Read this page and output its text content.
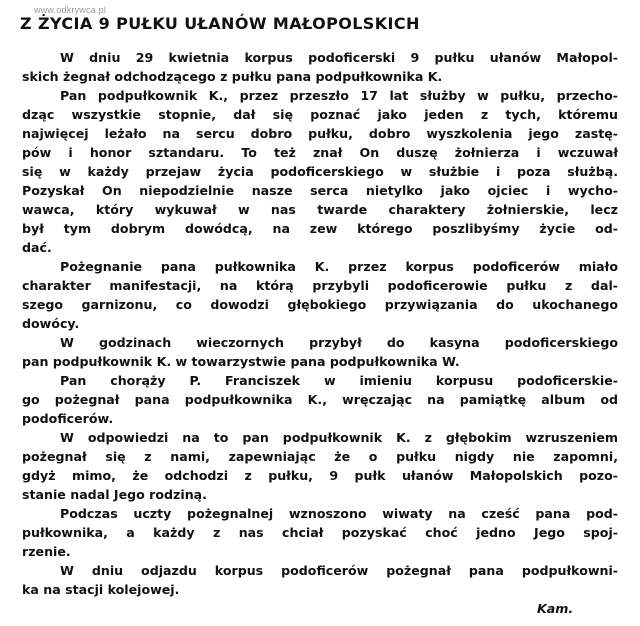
www.odkrywca.pl
Z ŻYCIA 9 PUŁKU UŁANÓW MAŁOPOLSKICH
W dniu 29 kwietnia korpus podoficerski 9 pułku ułanów Małopol-
skich żegnał odchodzącego z pułku pana podpułkownika K.
Pan podpułkownik K., przez przeszło 17 lat służby w pułku, przecho-
dząc wszystkie stopnie, dał się poznać jako jeden z tych, któremu
najwięcej leżało na sercu dobro pułku, dobro wyszkolenia jego zastę-
pów i honor sztandaru. To też znał On duszę żołnierza i wczuwał
się w każdy przejaw życia podoficerskiego w służbie i poza służbą.
Pozyskał On niepodzielnie nasze serca nietylko jako ojciec i wycho-
wawca, który wykuwał w nas twarde charaktery żołnierskie, lecz
był tym dobrym dowódcą, na zew którego poszlibyśmy życie od-
dać.
Pożegnanie pana pułkownika K. przez korpus podoficerów miało
charakter manifestacji, na którą przybyli podoficerowie pułku z dal-
szego garnizonu, co dowodzi głębokiego przywiązania do ukochanego
dowócy.
W godzinach wieczornych przybył do kasyna podoficerskiego
pan podpułkownik K. w towarzystwie pana podpułkownika W.
Pan chorąży P. Franciszek w imieniu korpusu podoficerskie-
go pożegnał pana podpułkownika K., wręczając na pamiątkę album od
podoficerów.
W odpowiedzi na to pan podpułkownik K. z głębokim wzruszeniem
pożegnał się z nami, zapewniając że o pułku nigdy nie zapomni,
gdyż mimo, że odchodzi z pułku, 9 pułk ułanów Małopolskich pozo-
stanie nadal Jego rodziną.
Podczas uczty pożegnalnej wznoszono wiwaty na cześć pana pod-
pułkownika, a każdy z nas chciał pozyskać choć jedno Jego spoj-
rzenie.
W dniu odjazdu korpus podoficerów pożegnał pana podpułkowni-
ka na stacji kolejowej.
Kam.
